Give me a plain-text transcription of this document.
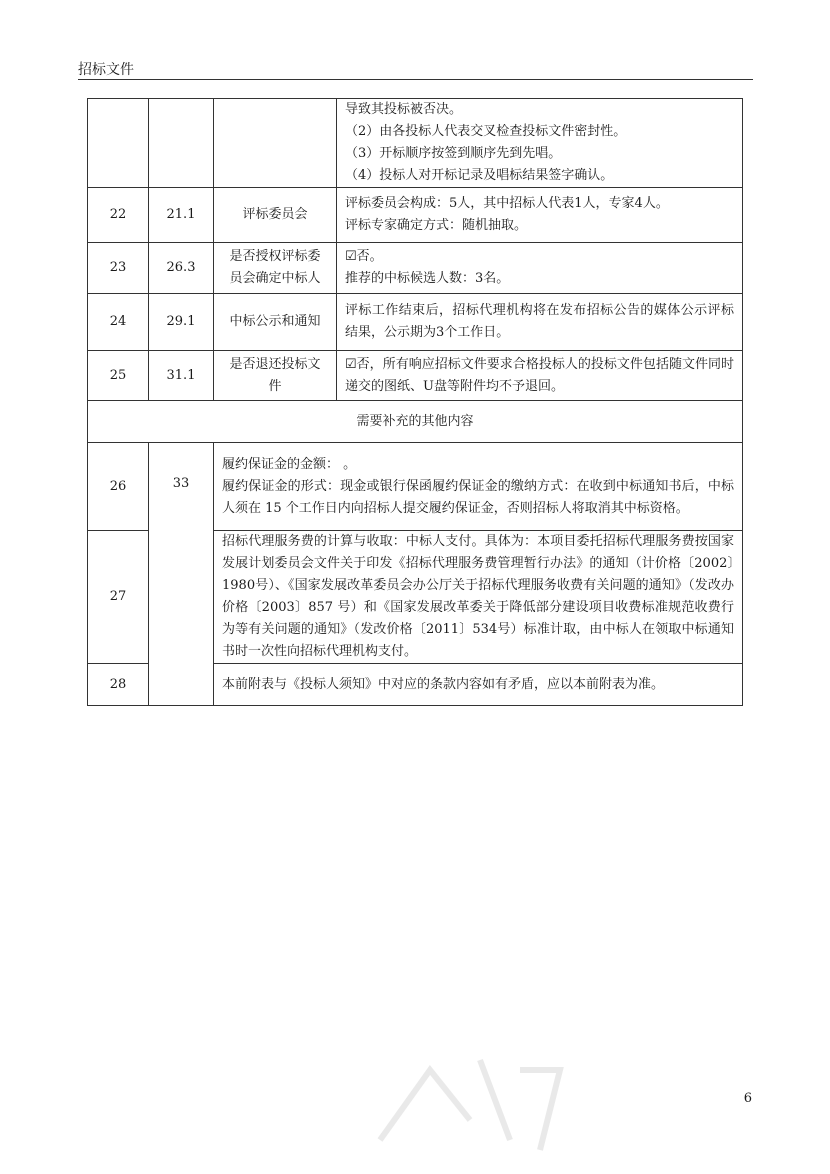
招标文件

			导致其投标被否决。
（2）由各投标人代表交叉检查投标文件密封性。
（3）开标顺序按签到顺序先到先唱。
（4）投标人对开标记录及唱标结果签字确认。

22	21.1	评标委员会	评标委员会构成：5人，其中招标人代表1人，专家4人。
评标专家确定方式：随机抽取。

23	26.3	是否授权评标委
员会确定中标人	☑否。
推荐的中标候选人数：3名。

24	29.1	中标公示和通知	评标工作结束后，招标代理机构将在发布招标公告的媒体公示评标结果，公示期为3个工作日。
25	31.1	是否退还投标文
件	☑否，所有响应招标文件要求合格投标人的投标文件包括随文件同时递交的图纸、U盘等附件均不予退回。
需要补充的其他内容			
26	33	履约保证金的金额： 。
履约保证金的形式：现金或银行保函履约保证金的缴纳方式：在收到中标通知书后，中标人须在 15 个工作日内向招标人提交履约保证金，否则招标人将取消其中标资格。	

27		招标代理服务费的计算与收取：中标人支付。具体为：本项目委托招标代理服务费按国家发展计划委员会文件关于印发《招标代理服务费管理暂行办法》的通知（计价格〔2002〕1980号）、《国家发展改革委员会办公厅关于招标代理服务收费有关问题的通知》（发改办价格〔2003〕857 号）和《国家发展改革委关于降低部分建设项目收费标准规范收费行为等有关问题的通知》（发改价格〔2011〕534号）标准计取，由中标人在领取中标通知书时一次性向招标代理机构支付。	
28		本前附表与《投标人须知》中对应的条款内容如有矛盾，应以本前附表为准。	
6
